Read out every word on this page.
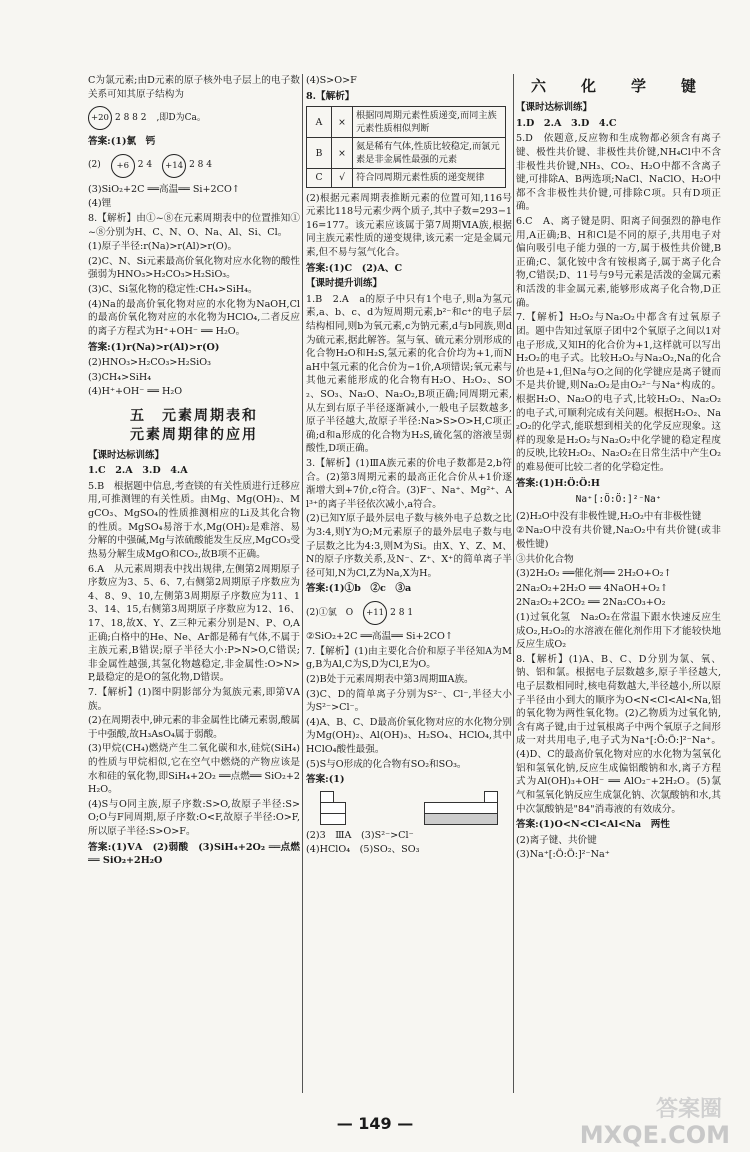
C为氯元素;由D元素的原子核外电子层上的电子数关系可知其原子结构为

+20 2 8 8 2 ,即D为Ca。

答案:(1)氯　钙

(2)	+6 2 4	+14 2 8 4

(3)SiO₂+2C ══高温══ Si+2CO↑

(4)锂

8.【解析】由①~⑧在元素周期表中的位置推知①~⑧分别为H、C、N、O、Na、Al、Si、Cl。

(1)原子半径:r(Na)>r(Al)>r(O)。

(2)C、N、Si元素最高价氧化物对应水化物的酸性强弱为HNO₃>H₂CO₃>H₂SiO₃。

(3)C、Si氢化物的稳定性:CH₄>SiH₄。

(4)Na的最高价氧化物对应的水化物为NaOH,Cl的最高价氧化物对应的水化物为HClO₄,二者反应的离子方程式为H⁺+OH⁻ ══ H₂O。

答案:(1)r(Na)>r(Al)>r(O)

(2)HNO₃>H₂CO₃>H₂SiO₃

(3)CH₄>SiH₄

(4)H⁺+OH⁻ ══ H₂O

五　元素周期表和
元素周期律的应用

【课时达标训练】

1.C　2.A　3.D　4.A

5.B　根据题中信息,考查镁的有关性质进行迁移应用,可推测锂的有关性质。由Mg、Mg(OH)₂、MgCO₃、MgSO₄的性质推测相应的Li及其化合物的性质。MgSO₄易溶于水,Mg(OH)₂是难溶、易分解的中强碱,Mg与浓硫酸能发生反应,MgCO₃受热易分解生成MgO和CO₂,故B项不正确。

6.A　从元素周期表中找出规律,左侧第2周期原子序数应为3、5、6、7,右侧第2周期原子序数应为4、8、9、10,左侧第3周期原子序数应为11、13、14、15,右侧第3周期原子序数应为12、16、17、18,故X、Y、Z三种元素分别是N、P、O,A正确;白格中的He、Ne、Ar都是稀有气体,不属于主族元素,B错误;原子半径大小:P>N>O,C错误;非金属性越强,其氢化物越稳定,非金属性:O>N>P,最稳定的是O的氢化物,D错误。

7.【解析】(1)图中阴影部分为氮族元素,即第ⅤA族。

(2)在周期表中,砷元素的非金属性比磷元素弱,酸属于中强酸,故H₃AsO₄属于弱酸。

(3)甲烷(CH₄)燃烧产生二氧化碳和水,硅烷(SiH₄)的性质与甲烷相似,它在空气中燃烧的产物应该是水和硅的氧化物,即SiH₄+2O₂ ══点燃══ SiO₂+2H₂O。

(4)S与O同主族,原子序数:S>O,故原子半径:S>O;O与F同周期,原子序数:O<F,故原子半径:O>F,所以原子半径:S>O>F。

答案:(1)ⅤA　(2)弱酸　(3)SiH₄+2O₂ ══点燃══ SiO₂+2H₂O

(4)S>O>F

8.【解析】

A	×	根据同周期元素性质递变,而同主族元素性质相似判断
B	×	氦是稀有气体,性质比较稳定,而氯元素是非金属性最强的元素
C	√	符合同周期元素性质的递变规律

(2)根据元素周期表推断元素的位置可知,116号元素比118号元素少两个质子,其中子数=293−116=177。该元素应该属于第7周期ⅥA族,根据同主族元素性质的递变规律,该元素一定是金属元素,但不易与氢气化合。

答案:(1)C　(2)A、C

【课时提升训练】

1.B　2.A　a的原子中只有1个电子,则a为氢元素,a、b、c、d为短周期元素,b²⁻和c⁺的电子层结构相同,则b为氧元素,c为钠元素,d与b同族,则d为硫元素,据此解答。氢与氧、硫元素分别形成的化合物H₂O和H₂S,氢元素的化合价均为+1,而NaH中氢元素的化合价为−1价,A项错误;氧元素与其他元素能形成的化合物有H₂O、H₂O₂、SO₂、SO₃、Na₂O、Na₂O₂,B项正确;同周期元素,从左到右原子半径逐渐减小,一般电子层数越多,原子半径越大,故原子半径:Na>S>O>H,C项正确;d和a形成的化合物为H₂S,硫化氢的溶液呈弱酸性,D项正确。

3.【解析】(1)ⅢA族元素的价电子数都是2,b符合。(2)第3周期元素的最高正化合价从+1价逐渐增大到+7价,c符合。(3)F⁻、Na⁺、Mg²⁺、Al³⁺的离子半径依次减小,a符合。

(2)已知Y原子最外层电子数与核外电子总数之比为3:4,则Y为O;M元素原子的最外层电子数与电子层数之比为4:3,则M为Si。由X、Y、Z、M、N的原子序数关系,及N⁻、Z⁺、X⁺的简单离子半径可知,N为Cl,Z为Na,X为H。

答案:(1)①b　②c　③a

(2)①氯　O	+11 2 8 1

②SiO₂+2C ══高温══ Si+2CO↑

7.【解析】(1)由主要化合价和原子半径知A为Mg,B为Al,C为S,D为Cl,E为O。

(2)B处于元素周期表中第3周期ⅢA族。

(3)C、D的简单离子分别为S²⁻、Cl⁻,半径大小为S²⁻>Cl⁻。

(4)A、B、C、D最高价氧化物对应的水化物分别为Mg(OH)₂、Al(OH)₃、H₂SO₄、HClO₄,其中HClO₄酸性最强。

(5)S与O形成的化合物有SO₂和SO₃。

答案:(1)

(2)3　ⅢA　(3)S²⁻>Cl⁻

(4)HClO₄　(5)SO₂、SO₃

六　化　学　键

【课时达标训练】

1.D　2.A　3.D　4.C

5.D　依题意,反应物和生成物都必须含有离子键、极性共价键、非极性共价键,NH₄Cl中不含非极性共价键,NH₃、CO₂、H₂O中都不含离子键,可排除A、B两选项;NaCl、NaClO、H₂O中都不含非极性共价键,可排除C项。只有D项正确。

6.C　A、离子键是阴、阳离子间强烈的静电作用,A正确;B、H和Cl是不同的原子,共用电子对偏向吸引电子能力强的一方,属于极性共价键,B正确;C、氯化铵中含有铵根离子,属于离子化合物,C错误;D、11号与9号元素是活泼的金属元素和活泼的非金属元素,能够形成离子化合物,D正确。

7.【解析】H₂O₂与Na₂O₂中都含有过氧原子团。题中告知过氧原子团中2个氧原子之间以1对电子形成,又知H的化合价为+1,这样就可以写出H₂O₂的电子式。比较H₂O₂与Na₂O₂,Na的化合价也是+1,但Na与O之间的化学键应是离子键而不是共价键,则Na₂O₂是由O₂²⁻与Na⁺构成的。根据H₂O、Na₂O的电子式,比较H₂O₂、Na₂O₂的电子式,可顺利完成有关问题。根据H₂O₂、Na₂O₂的化学式,能联想到相关的化学反应现象。这样的现象是H₂O₂与Na₂O₂中化学键的稳定程度的反映,比较H₂O₂、Na₂O₂在日常生活中产生O₂的难易便可比较二者的化学稳定性。

答案:(1)H:Ö:Ö:H

Na⁺[:Ö:Ö:]²⁻Na⁺

(2)H₂O中没有非极性键,H₂O₂中有非极性键

②Na₂O中没有共价键,Na₂O₂中有共价键(或非极性键)

③共价化合物

(3)2H₂O₂ ══催化剂══ 2H₂O+O₂↑

2Na₂O₂+2H₂O ══ 4NaOH+O₂↑

2Na₂O₂+2CO₂ ══ 2Na₂CO₃+O₂

(1)过氧化氢　Na₂O₂在常温下跟水快速反应生成O₂,H₂O₂的水溶液在催化剂作用下才能较快地反应生成O₂

8.【解析】(1)A、B、C、D分别为氯、氧、钠、铝和氯。根据电子层数越多,原子半径越大,电子层数相同时,核电荷数越大,半径越小,所以原子半径由小到大的顺序为O<N<Cl<Al<Na,铝的氧化物为两性氧化物。(2)乙物质为过氧化钠,含有离子键,由于过氧根离子中两个氧原子之间形成一对共用电子,电子式为Na⁺[:Ö:Ö:]²⁻Na⁺。(4)D、C的最高价氧化物对应的水化物为氢氧化铝和氢氧化钠,反应生成偏铝酸钠和水,离子方程式为Al(OH)₃+OH⁻ ══ AlO₂⁻+2H₂O。(5)氯气和氢氧化钠反应生成氯化钠、次氯酸钠和水,其中次氯酸钠是"84"消毒液的有效成分。

答案:(1)O<N<Cl<Al<Na　两性

(2)离子键、共价键

(3)Na⁺[:Ö:Ö:]²⁻Na⁺

— 149 —
答案圈
MXQE.COM
